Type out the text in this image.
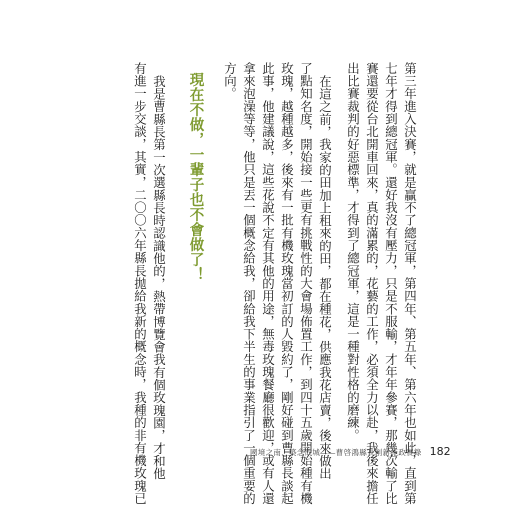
第三年進入決賽，就是贏不了總冠軍，第四年、第五年、第六年也如此，直到第
七年才得到總冠軍。還好我沒有壓力，只是不服輸，才年年參賽，那幾次輸了比
賽還要從台北開車回來，真的滿累的，花藝的工作，必須全力以赴，我後來擔任
出比賽裁判的好惡標準，才得到了總冠軍，這是一種對性格的磨練。
在這之前，我家的田加上租來的田，都在種花，供應我花店賣，後來做出
了點知名度，開始接一些更有挑戰性的大會場佈置工作，到四十五歲開始種有機
玫瑰，越種越多，後來有一批有機玫瑰當初訂的人毀約了，剛好碰到曹縣長談起
此事，他建議說，這些花說不定有其他的用途，無毒玫瑰餐廳很歡迎，或有人還
拿來泡澡等等，他只是丟一個概念給我，卻給我下半生的事業指引了一個重要的
方向。
現在不做，一輩子也不會做了！
我是曹縣長第一次選縣長時認識他的，熱帶博覽會我有個玫瑰園，才和他
有進一步交談，其實，二〇〇六年縣長拋給我新的概念時，我種的非有機玫瑰已	國境之南．築念成城——曹啓鴻縣長創新施政實錄 182
